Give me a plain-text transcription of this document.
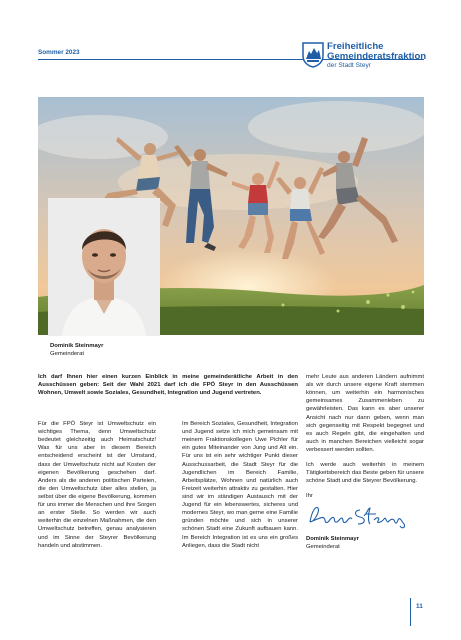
Sommer 2023
Freiheitliche
Gemeinderatsfraktion
der Stadt Steyr
Dominik Steinmayr
Gemeinderat
Ich darf Ihnen hier einen kurzen Einblick in meine gemeinderätliche Arbeit in den Ausschüssen geben: Seit der Wahl 2021 darf ich die FPÖ Steyr in den Ausschüssen Wohnen, Umwelt sowie Soziales, Gesundheit, Integration und Jugend vertreten.

Für die FPÖ Steyr ist Umweltschutz ein wichtiges Thema, denn Umweltschutz bedeutet gleichzeitig auch Heimatschutz! Was für uns aber in diesem Bereich entscheidend erscheint ist der Umstand, dass der Umweltschutz nicht auf Kosten der eigenen Bevölkerung geschehen darf. Anders als die anderen politischen Parteien, die den Umweltschutz über alles stellen, ja selbst über die eigene Bevölkerung, kommen für uns immer die Menschen und ihre Sorgen an erster Stelle. So werden wir auch weiterhin die einzelnen Maßnahmen, die den Umweltschutz betreffen, genau analysieren und im Sinne der Steyrer Bevölkerung handeln und abstimmen.

Im Bereich Soziales, Gesundheit, Integration und Jugend setze ich mich gemeinsam mit meinem Fraktionskollegen Uwe Pichler für ein gutes Miteinander von Jung und Alt ein. Für uns ist ein sehr wichtiger Punkt dieser Ausschussarbeit, die Stadt Steyr für die Jugendlichen im Bereich Familie, Arbeitsplätze, Wohnen und natürlich auch Freizeit weiterhin attraktiv zu gestalten. Hier sind wir im ständigen Austausch mit der Jugend für ein lebenswertes, sicheres und modernes Steyr, wo man gerne eine Familie gründen möchte und sich in unserer schönen Stadt eine Zukunft aufbauen kann. Im Bereich Integration ist es uns ein großes Anliegen, dass die Stadt nicht

mehr Leute aus anderen Ländern aufnimmt als wir durch unsere eigene Kraft stemmen können, um weiterhin ein harmonisches gemeinsames Zusammenleben zu gewährleisten. Das kann es aber unserer Ansicht nach nur dann geben, wenn man sich gegenseitig mit Respekt begegnet und es auch Regeln gibt, die eingehalten und auch in manchen Bereichen vielleicht sogar verbessert werden sollten.

Ich werde auch weiterhin in meinem Tätigkeitsbereich das Beste geben für unsere schöne Stadt und die Steyrer Bevölkerung.

Ihr

Dominik Steinmayr
Gemeinderat
11
